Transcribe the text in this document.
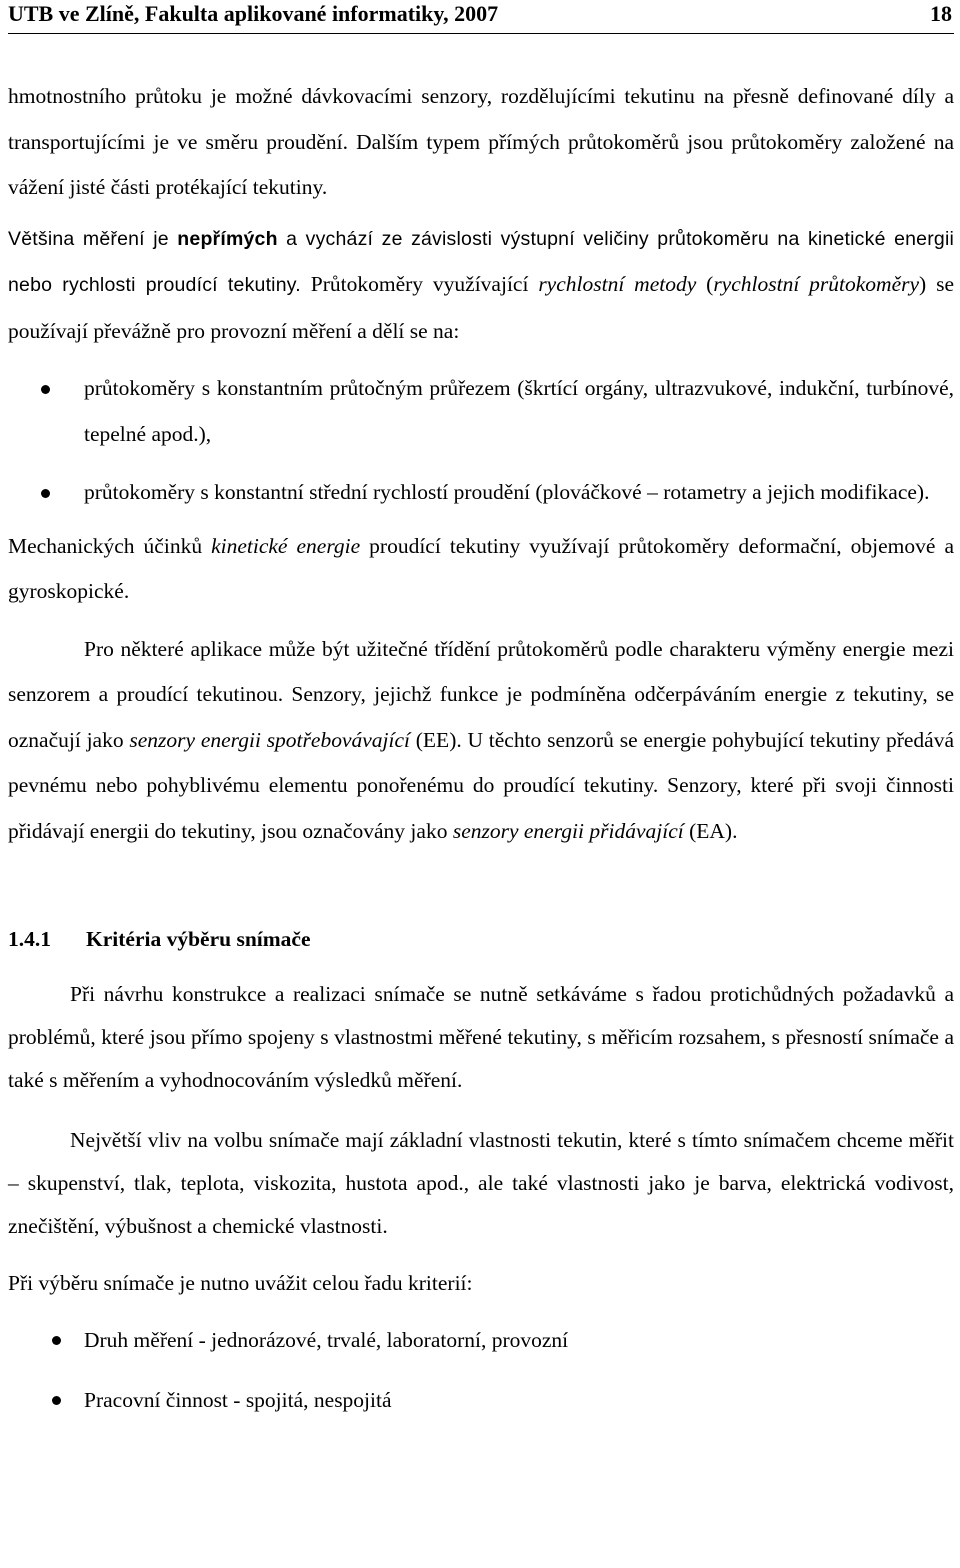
UTB ve Zlíně, Fakulta aplikované informatiky, 2007	18

hmotnostního průtoku je možné dávkovacími senzory, rozdělujícími tekutinu na přesně definované díly a transportujícími je ve směru proudění. Dalším typem přímých průtokoměrů jsou průtokoměry založené na vážení jisté části protékající tekutiny.

Většina měření je nepřímých a vychází ze závislosti výstupní veličiny průtokoměru na kinetické energii nebo rychlosti proudící tekutiny. Průtokoměry využívající rychlostní metody (rychlostní průtokoměry) se používají převážně pro provozní měření a dělí se na:

průtokoměry s konstantním průtočným průřezem (škrtící orgány, ultrazvukové, indukční, turbínové, tepelné apod.),
průtokoměry s konstantní střední rychlostí proudění (plováčkové – rotametry a jejich modifikace).

Mechanických účinků kinetické energie proudící tekutiny využívají průtokoměry deformační, objemové a gyroskopické.

Pro některé aplikace může být užitečné třídění průtokoměrů podle charakteru výměny energie mezi senzorem a proudící tekutinou. Senzory, jejichž funkce je podmíněna odčerpáváním energie z tekutiny, se označují jako senzory energii spotřebovávající (EE). U těchto senzorů se energie pohybující tekutiny předává pevnému nebo pohyblivému elementu ponořenému do proudící tekutiny. Senzory, které při svoji činnosti přidávají energii do tekutiny, jsou označovány jako senzory energii přidávající (EA).

1.4.1 Kritéria výběru snímače

Při návrhu konstrukce a realizaci snímače se nutně setkáváme s řadou protichůdných požadavků a problémů, které jsou přímo spojeny s vlastnostmi měřené tekutiny, s měřicím rozsahem, s přesností snímače a také s měřením a vyhodnocováním výsledků měření.

Největší vliv na volbu snímače mají základní vlastnosti tekutin, které s tímto snímačem chceme měřit – skupenství, tlak, teplota, viskozita, hustota apod., ale také vlastnosti jako je barva, elektrická vodivost, znečištění, výbušnost a chemické vlastnosti.

Při výběru snímače je nutno uvážit celou řadu kriterií:

Druh měření - jednorázové, trvalé, laboratorní, provozní
Pracovní činnost - spojitá, nespojitá
